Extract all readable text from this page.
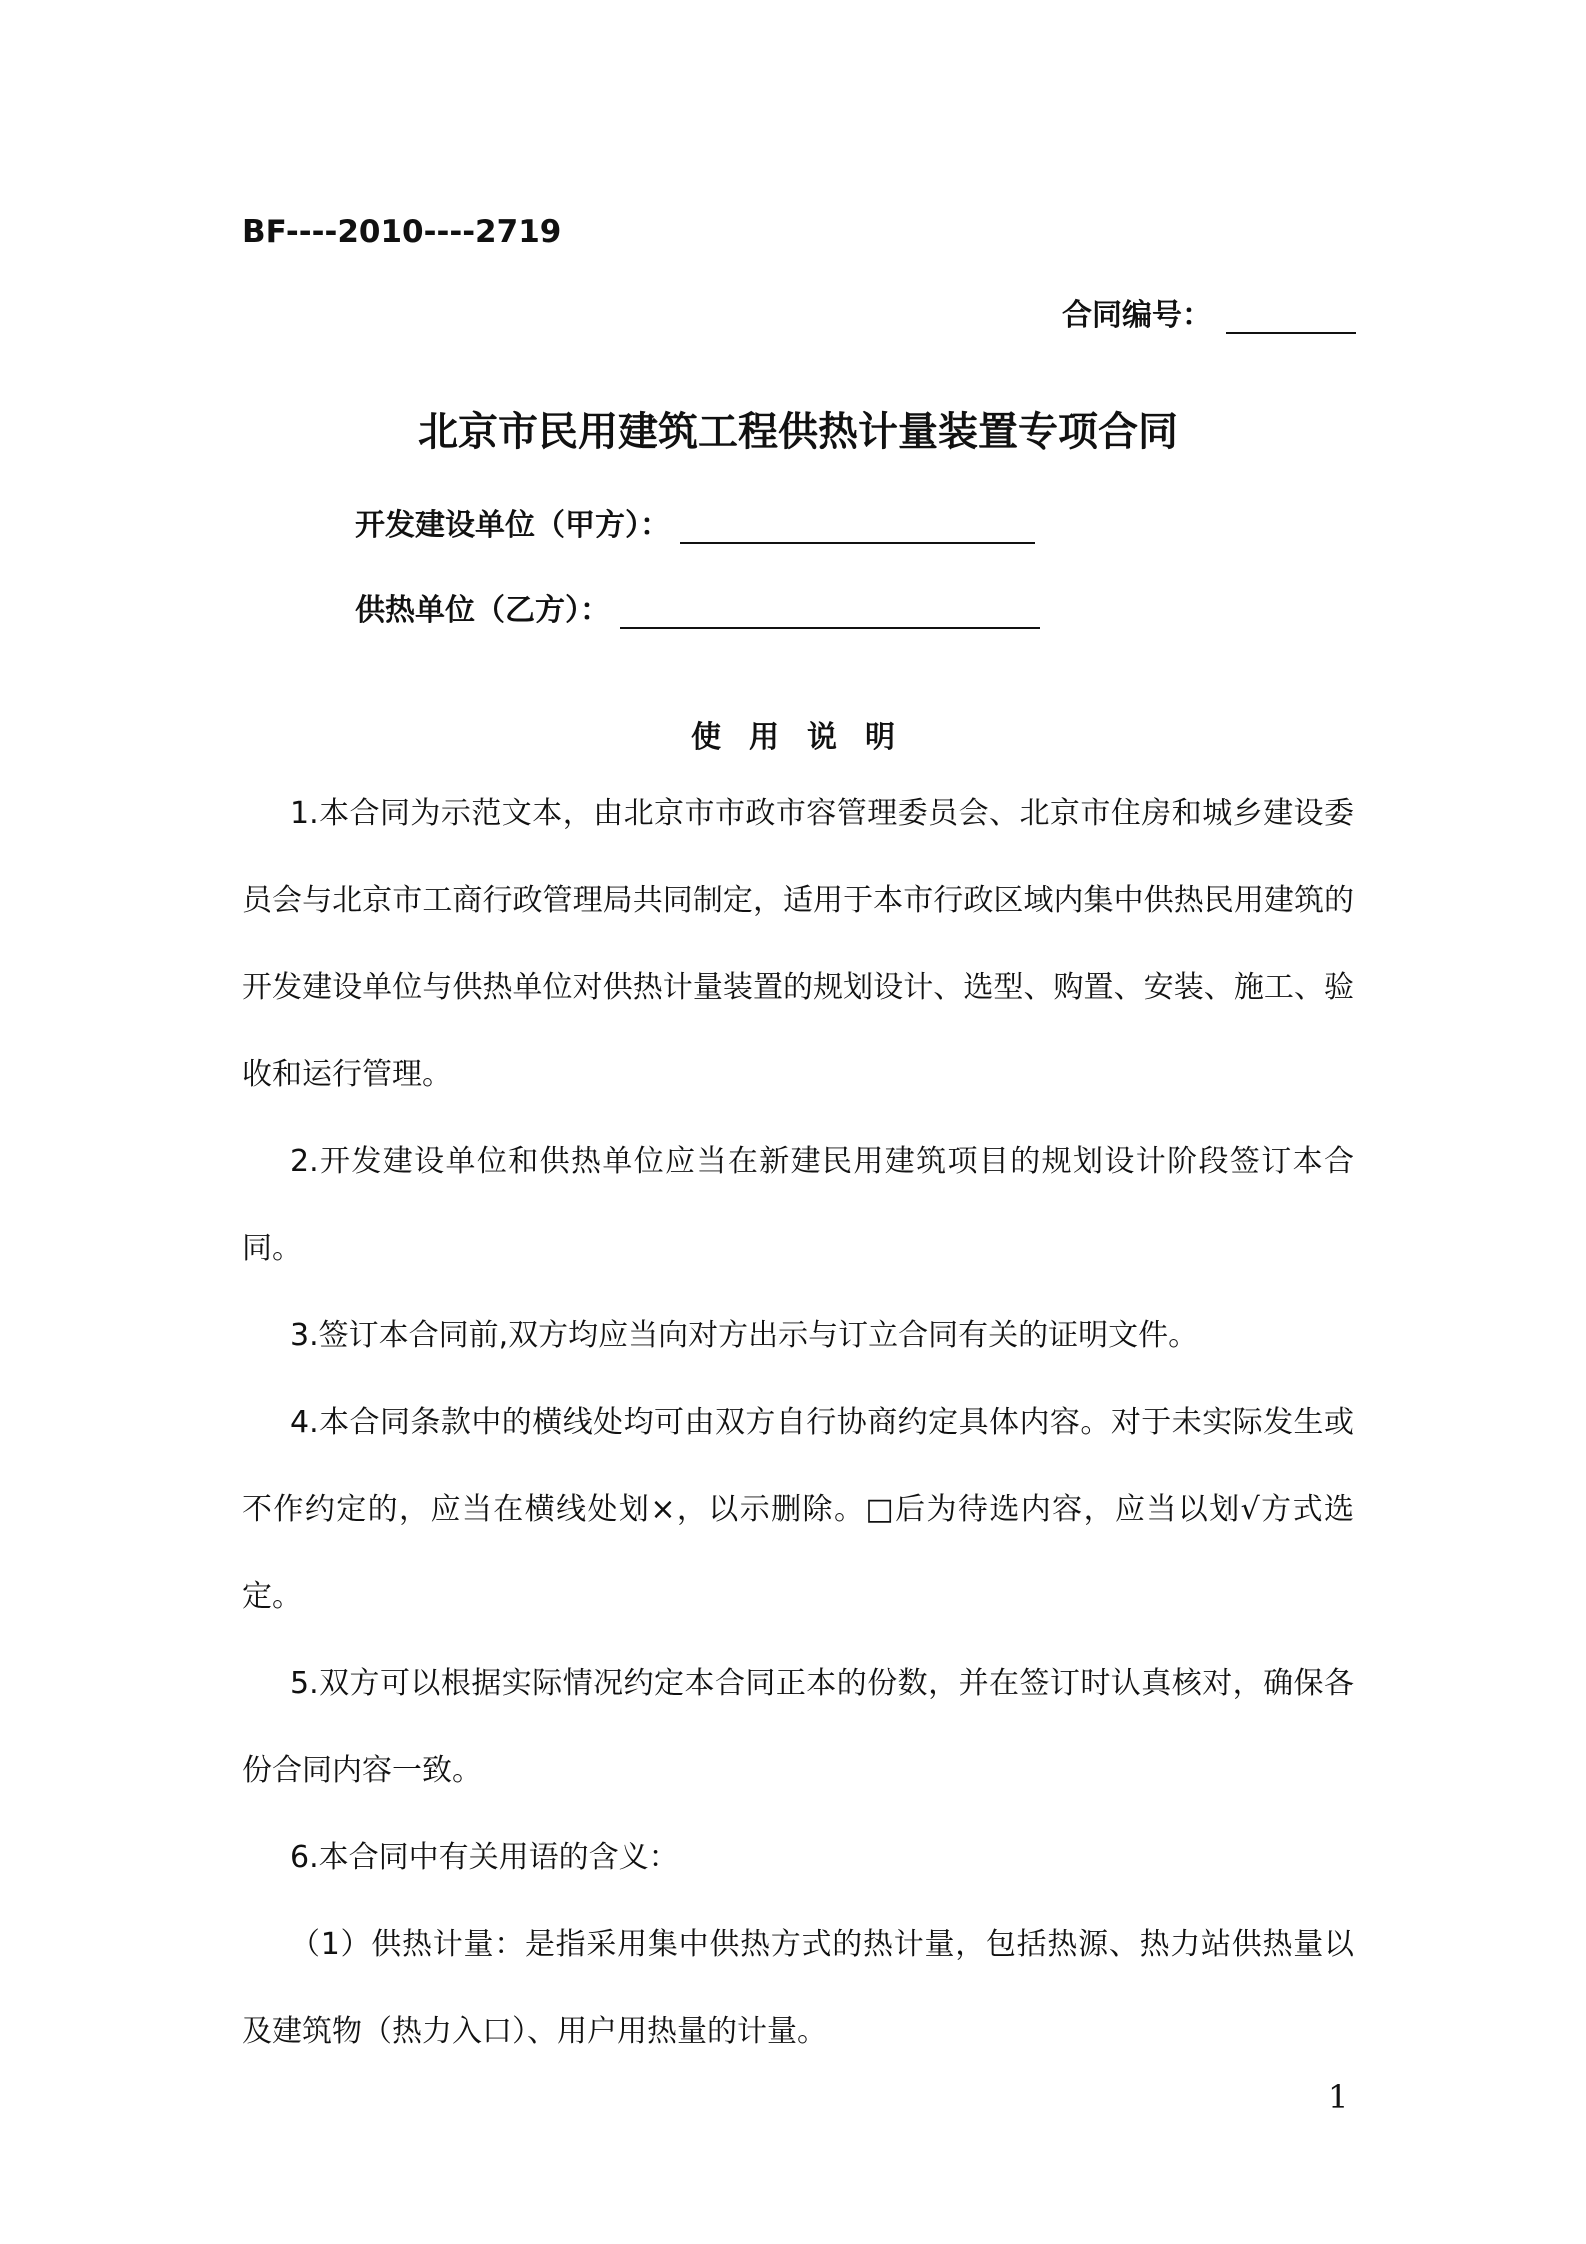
BF----2010----2719
合同编号：
北京市民用建筑工程供热计量装置专项合同
开发建设单位（甲方）：
供热单位（乙方）：
使用说明

1.本合同为示范文本，由北京市市政市容管理委员会、北京市住房和城乡建设委员会与北京市工商行政管理局共同制定，适用于本市行政区域内集中供热民用建筑的开发建设单位与供热单位对供热计量装置的规划设计、选型、购置、安装、施工、验收和运行管理。

2.开发建设单位和供热单位应当在新建民用建筑项目的规划设计阶段签订本合同。

3.签订本合同前,双方均应当向对方出示与订立合同有关的证明文件。

4.本合同条款中的横线处均可由双方自行协商约定具体内容。对于未实际发生或不作约定的，应当在横线处划×，以示删除。□后为待选内容，应当以划√方式选定。

5.双方可以根据实际情况约定本合同正本的份数，并在签订时认真核对，确保各份合同内容一致。

6.本合同中有关用语的含义：

（1）供热计量：是指采用集中供热方式的热计量，包括热源、热力站供热量以及建筑物（热力入口）、用户用热量的计量。

1
